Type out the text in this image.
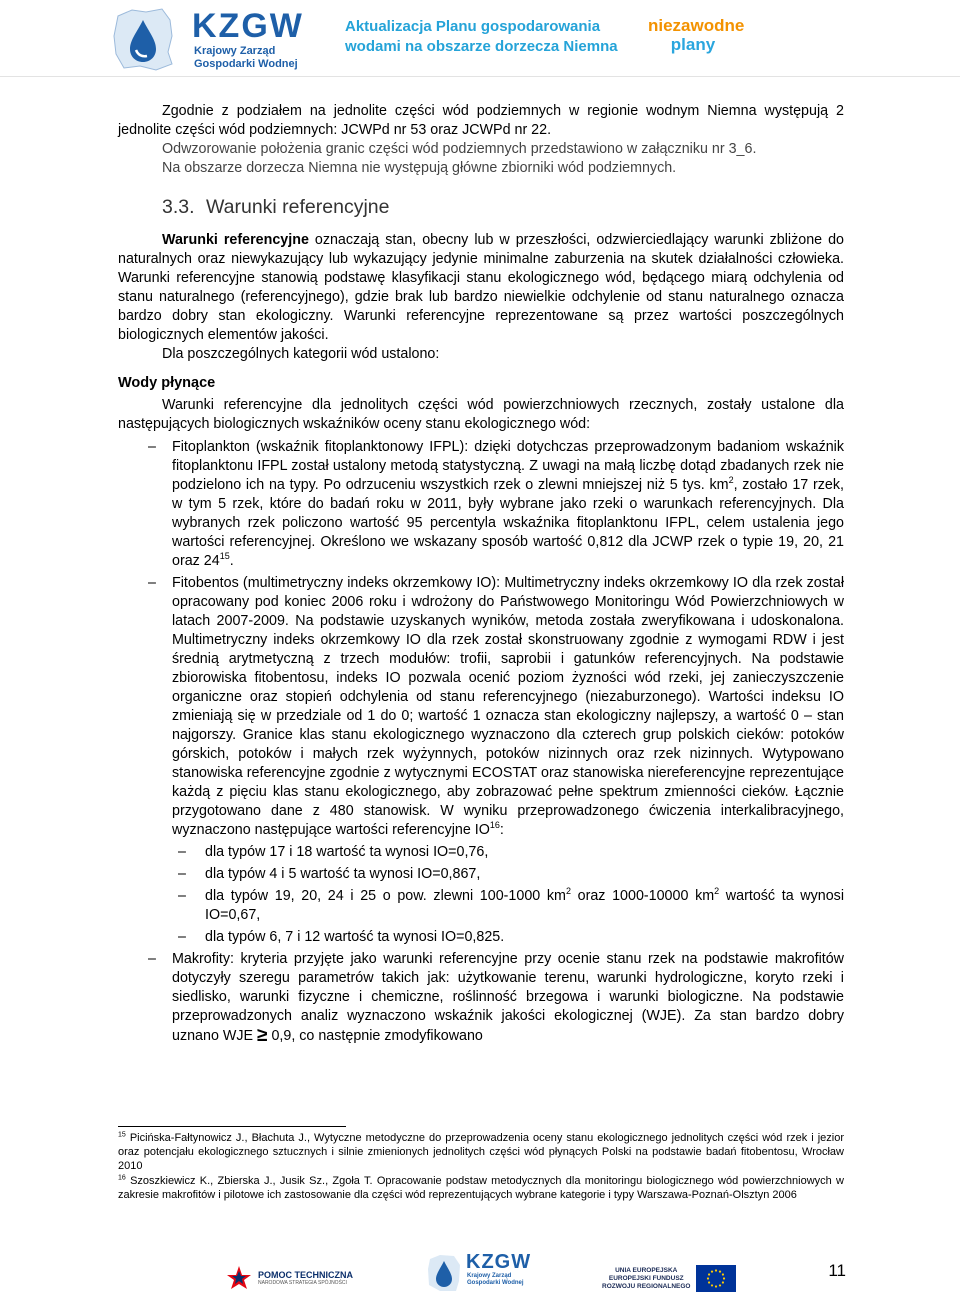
KZGW
Krajowy Zarząd
Gospodarki Wodnej
Aktualizacja Planu gospodarowania
wodami na obszarze dorzecza Niemna
niezawodne
plany

Zgodnie z podziałem na jednolite części wód podziemnych w regionie wodnym Niemna występują 2 jednolite części wód podziemnych: JCWPd nr 53 oraz JCWPd nr 22.

Odwzorowanie położenia granic części wód podziemnych przedstawiono w załączniku nr 3_6.

Na obszarze dorzecza Niemna nie występują główne zbiorniki wód podziemnych.

3.3. Warunki referencyjne

Warunki referencyjne oznaczają stan, obecny lub w przeszłości, odzwierciedlający warunki zbliżone do naturalnych oraz niewykazujący lub wykazujący jedynie minimalne zaburzenia na skutek działalności człowieka. Warunki referencyjne stanowią podstawę klasyfikacji stanu ekologicznego wód, będącego miarą odchylenia od stanu naturalnego (referencyjnego), gdzie brak lub bardzo niewielkie odchylenie od stanu naturalnego oznacza bardzo dobry stan ekologiczny. Warunki referencyjne reprezentowane są przez wartości poszczególnych biologicznych elementów jakości.

Dla poszczególnych kategorii wód ustalono:

Wody płynące

Warunki referencyjne dla jednolitych części wód powierzchniowych rzecznych, zostały ustalone dla następujących biologicznych wskaźników oceny stanu ekologicznego wód:

– Fitoplankton (wskaźnik fitoplanktonowy IFPL): dzięki dotychczas przeprowadzonym badaniom wskaźnik fitoplanktonu IFPL został ustalony metodą statystyczną. Z uwagi na małą liczbę dotąd zbadanych rzek nie podzielono ich na typy. Po odrzuceniu wszystkich rzek o zlewni mniejszej niż 5 tys. $km^2$, zostało 17 rzek, w tym 5 rzek, które do badań roku w 2011, były wybrane jako rzeki o warunkach referencyjnych. Dla wybranych rzek policzono wartość 95 percentyla wskaźnika fitoplanktonu IFPL, celem ustalenia jego wartości referencyjnej. Określono we wskazany sposób wartość 0,812 dla JCWP rzek o typie 19, 20, 21 oraz $24^{15}$.
– Fitobentos (multimetryczny indeks okrzemkowy IO): Multimetryczny indeks okrzemkowy IO dla rzek został opracowany pod koniec 2006 roku i wdrożony do Państwowego Monitoringu Wód Powierzchniowych w latach 2007-2009. Na podstawie uzyskanych wyników, metoda została zweryfikowana i udoskonalona. Multimetryczny indeks okrzemkowy IO dla rzek został skonstruowany zgodnie z wymogami RDW i jest średnią arytmetyczną z trzech modułów: trofii, saprobii i gatunków referencyjnych. Na podstawie zbiorowiska fitobentosu, indeks IO pozwala ocenić poziom żyzności wód rzeki, jej zanieczyszczenie organiczne oraz stopień odchylenia od stanu referencyjnego (niezaburzonego). Wartości indeksu IO zmieniają się w przedziale od 1 do 0; wartość 1 oznacza stan ekologiczny najlepszy, a wartość 0 – stan najgorszy. Granice klas stanu ekologicznego wyznaczono dla czterech grup polskich cieków: potoków górskich, potoków i małych rzek wyżynnych, potoków nizinnych oraz rzek nizinnych. Wytypowano stanowiska referencyjne zgodnie z wytycznymi ECOSTAT oraz stanowiska niereferencyjne reprezentujące każdą z pięciu klas stanu ekologicznego, aby zobrazować pełne spektrum zmienności cieków. Łącznie przygotowano dane z 480 stanowisk. W wyniku przeprowadzonego ćwiczenia interkalibracyjnego, wyznaczono następujące wartości referencyjne IO$^{16}$:
– dla typów 17 i 18 wartość ta wynosi IO=0,76,
– dla typów 4 i 5 wartość ta wynosi IO=0,867,
– dla typów 19, 20, 24 i 25 o pow. zlewni 100-1000 $km^2$ oraz 1000-10000 $km^2$ wartość ta wynosi IO=0,67,
– dla typów 6, 7 i 12 wartość ta wynosi IO=0,825.
– Makrofity: kryteria przyjęte jako warunki referencyjne przy ocenie stanu rzek na podstawie makrofitów dotyczyły szeregu parametrów takich jak: użytkowanie terenu, warunki hydrologiczne, koryto rzeki i siedlisko, warunki fizyczne i chemiczne, roślinność brzegowa i warunki biologiczne. Na podstawie przeprowadzonych analiz wyznaczono wskaźnik jakości ekologicznej (WJE). Za stan bardzo dobry uznano WJE ≥ 0,9, co następnie zmodyfikowano

$^{15}$ Picińska-Fałtynowicz J., Błachuta J., Wytyczne metodyczne do przeprowadzenia oceny stanu ekologicznego jednolitych części wód rzek i jezior oraz potencjału ekologicznego sztucznych i silnie zmienionych jednolitych części wód płynących Polski na podstawie badań fitobentosu, Wrocław 2010

$^{16}$ Szoszkiewicz K., Zbierska J., Jusik Sz., Zgoła T. Opracowanie podstaw metodycznych dla monitoringu biologicznego wód powierzchniowych w zakresie makrofitów i pilotowe ich zastosowanie dla części wód reprezentujących wybrane kategorie i typy Warszawa-Poznań-Olsztyn 2006

POMOC TECHNICZNA
NARODOWA STRATEGIA SPÓJNOŚCI
KZGW
Krajowy Zarząd
Gospodarki Wodnej
UNIA EUROPEJSKA
EUROPEJSKI FUNDUSZ
ROZWOJU REGIONALNEGO
11
